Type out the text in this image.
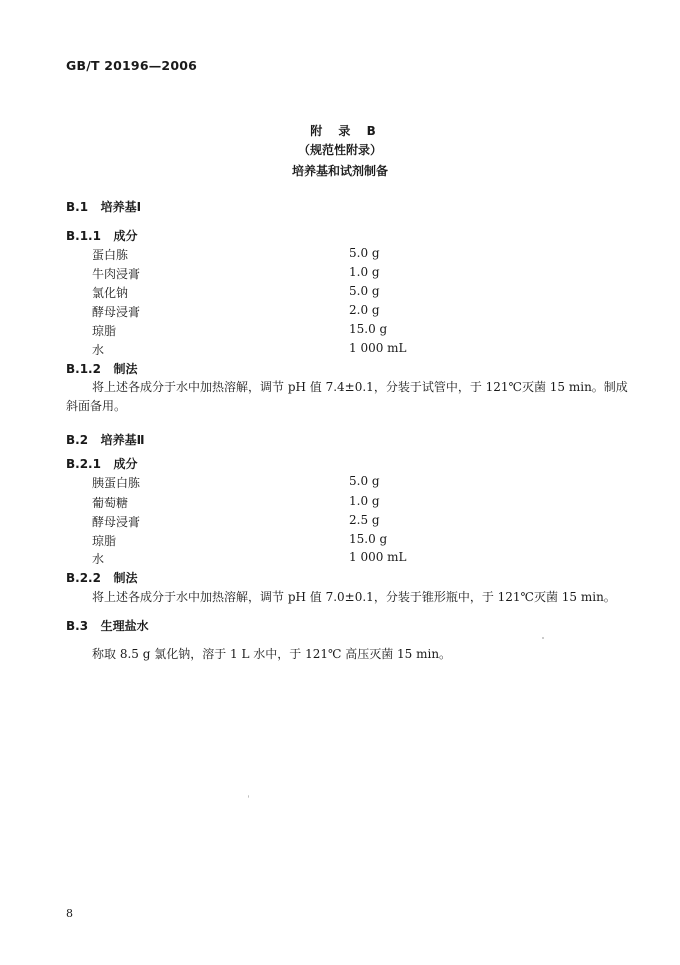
GB/T 20196—2006
附 录 B
（规范性附录）
培养基和试剂制备
B.1 培养基Ⅰ
B.1.1 成分
蛋白胨	5.0 g
牛肉浸膏	1.0 g
氯化钠	5.0 g
酵母浸膏	2.0 g
琼脂	15.0 g
水	1 000 mL
B.1.2 制法
将上述各成分于水中加热溶解，调节 pH 值 7.4±0.1，分装于试管中，于 121℃灭菌 15 min。制成
斜面备用。
B.2 培养基Ⅱ
B.2.1 成分
胰蛋白胨	5.0 g
葡萄糖	1.0 g
酵母浸膏	2.5 g
琼脂	15.0 g
水	1 000 mL
B.2.2 制法
将上述各成分于水中加热溶解，调节 pH 值 7.0±0.1，分装于锥形瓶中，于 121℃灭菌 15 min。
B.3 生理盐水
称取 8.5 g 氯化钠，溶于 1 L 水中，于 121℃ 高压灭菌 15 min。
8
